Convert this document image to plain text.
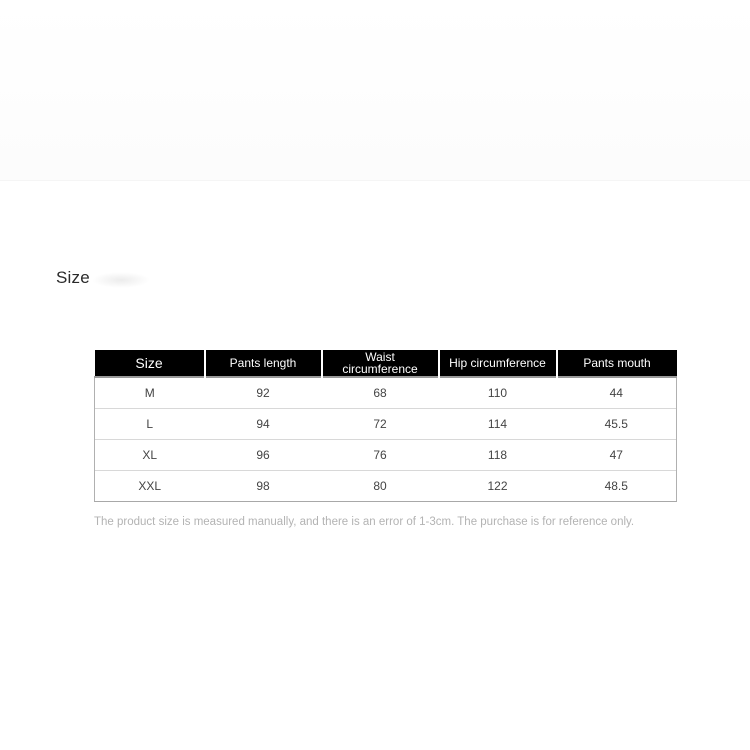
Size
Size	Pants length	Waist circumference	Hip circumference	Pants mouth
M	92	68	110	44
L	94	72	114	45.5
XL	96	76	118	47
XXL	98	80	122	48.5
The product size is measured manually, and there is an error of 1-3cm. The purchase is for reference only.
